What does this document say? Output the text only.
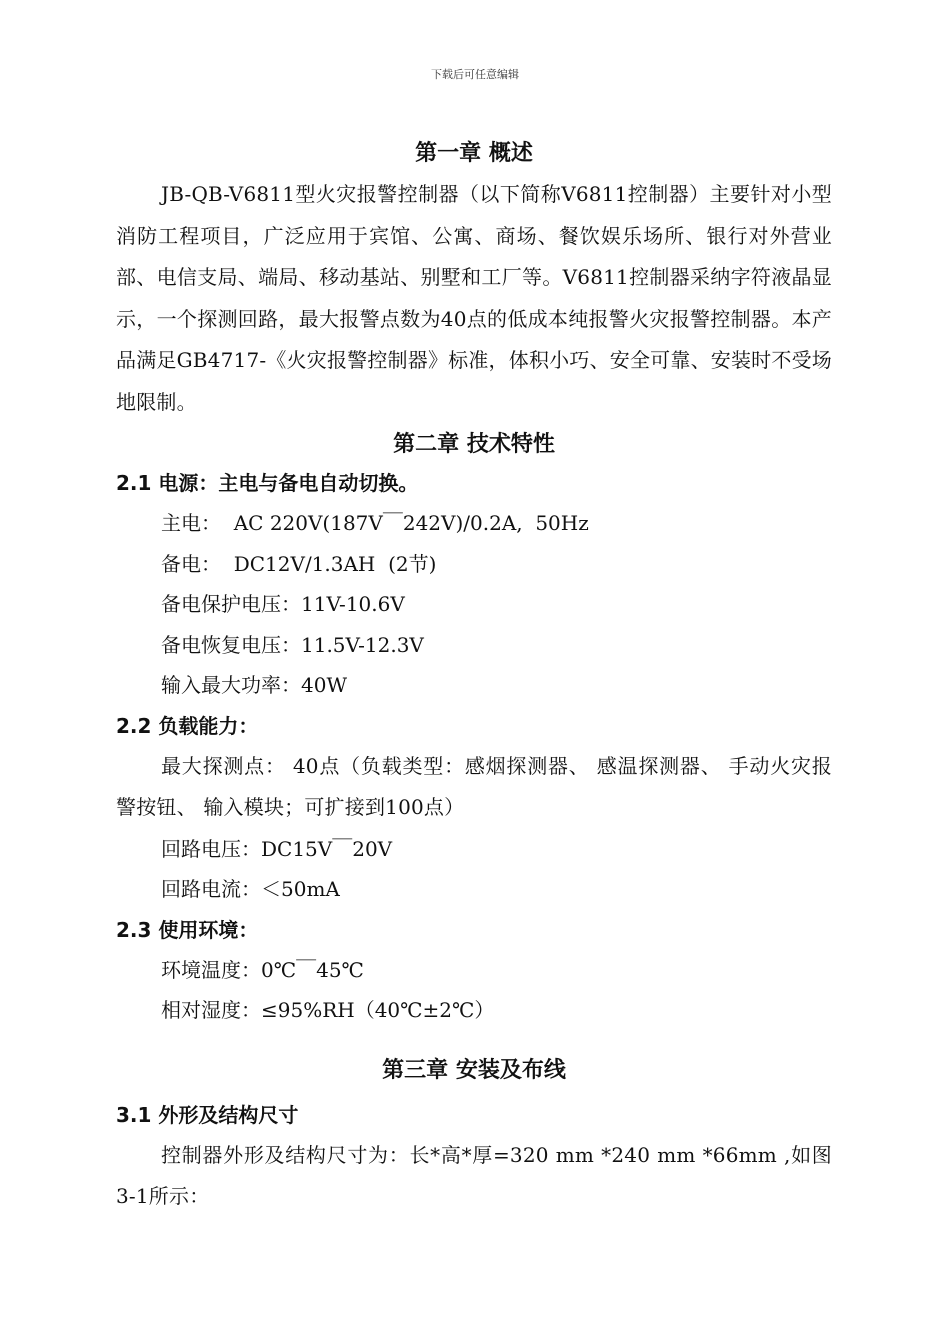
下载后可任意编辑
第一章 概述

JB-QB-V6811型火灾报警控制器（以下简称V6811控制器）主要针对小型消防工程项目，广泛应用于宾馆、公寓、商场、餐饮娱乐场所、银行对外营业部、电信支局、端局、移动基站、别墅和工厂等。V6811控制器采纳字符液晶显示，一个探测回路，最大报警点数为40点的低成本纯报警火灾报警控制器。本产品满足GB4717-《火灾报警控制器》标准，体积小巧、安全可靠、安装时不受场地限制。

第二章 技术特性
2.1 电源：主电与备电自动切换。
主电：  AC 220V(187V￣242V)/0.2A,  50Hz
备电：  DC12V/1.3AH  (2节)
备电保护电压：11V-10.6V
备电恢复电压：11.5V-12.3V
输入最大功率：40W
2.2 负载能力：

最大探测点： 40点（负载类型：感烟探测器、 感温探测器、 手动火灾报警按钮、 输入模块；可扩接到100点）

回路电压：DC15V￣20V
回路电流：＜50mA
2.3 使用环境：
环境温度：0℃￣45℃
相对湿度：≤95%RH（40℃±2℃）
第三章 安装及布线
3.1 外形及结构尺寸

控制器外形及结构尺寸为：长*高*厚=320 mm *240 mm *66mm ,如图3-1所示：
